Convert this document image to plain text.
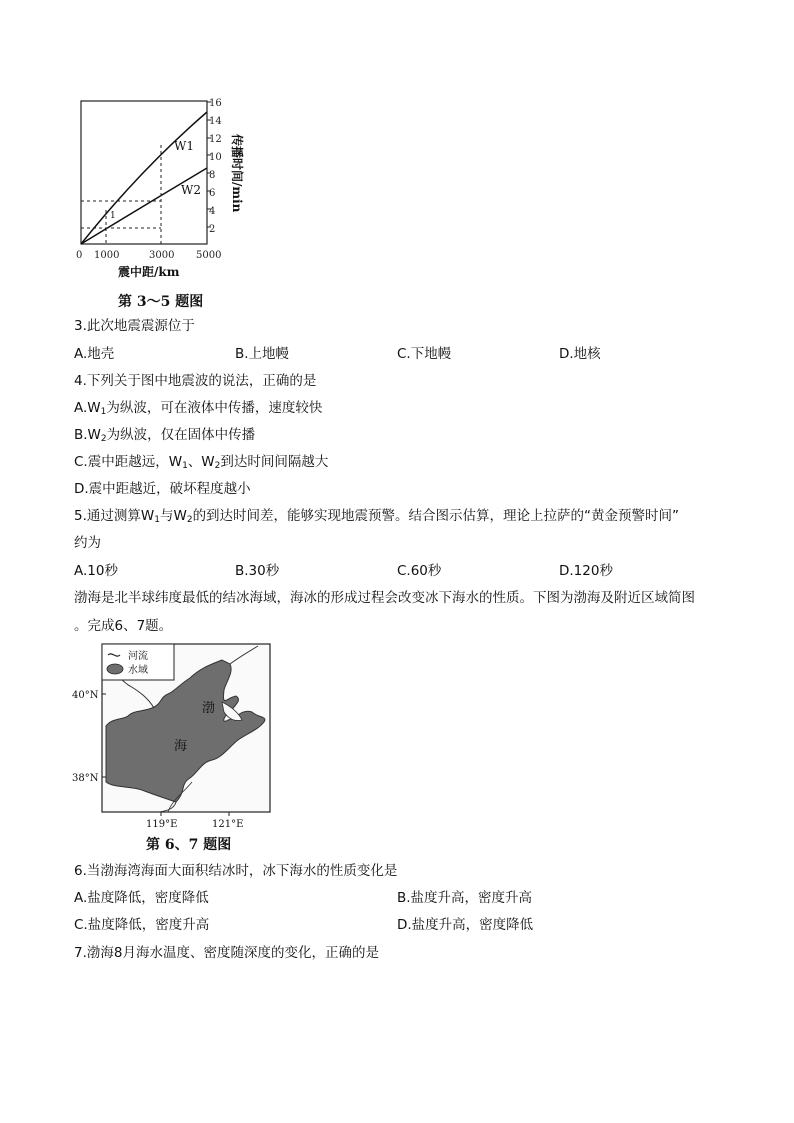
16
14
12
10
8
6
4
2
W1
W2
1
0 1000	3000 5000
震中距/km
传播时间/min
第 3～5 题图
3.此次地震震源位于
A.地壳	B.上地幔	C.下地幔	D.地核
4.下列关于图中地震波的说法，正确的是
$A.W_1$为纵波，可在液体中传播，速度较快
$B.W_2$为纵波，仅在固体中传播
C.震中距越远，$W_1$、$W_2$到达时间间隔越大
D.震中距越近，破坏程度越小
5.通过测算$W_1$与$W_2$的到达时间差，能够实现地震预警。结合图示估算，理论上拉萨的“黄金预警时间”
约为
A.10秒	B.30秒	C.60秒	D.120秒
渤海是北半球纬度最低的结冰海域，海冰的形成过程会改变冰下海水的性质。下图为渤海及附近区域简图
。完成6、7题。
河流
水域
渤
海
40°N
38°N
119°E	121°E
第 6、7 题图
6.当渤海湾海面大面积结冰时，冰下海水的性质变化是
A.盐度降低，密度降低	B.盐度升高，密度升高
C.盐度降低，密度升高	D.盐度升高，密度降低
7.渤海8月海水温度、密度随深度的变化，正确的是
